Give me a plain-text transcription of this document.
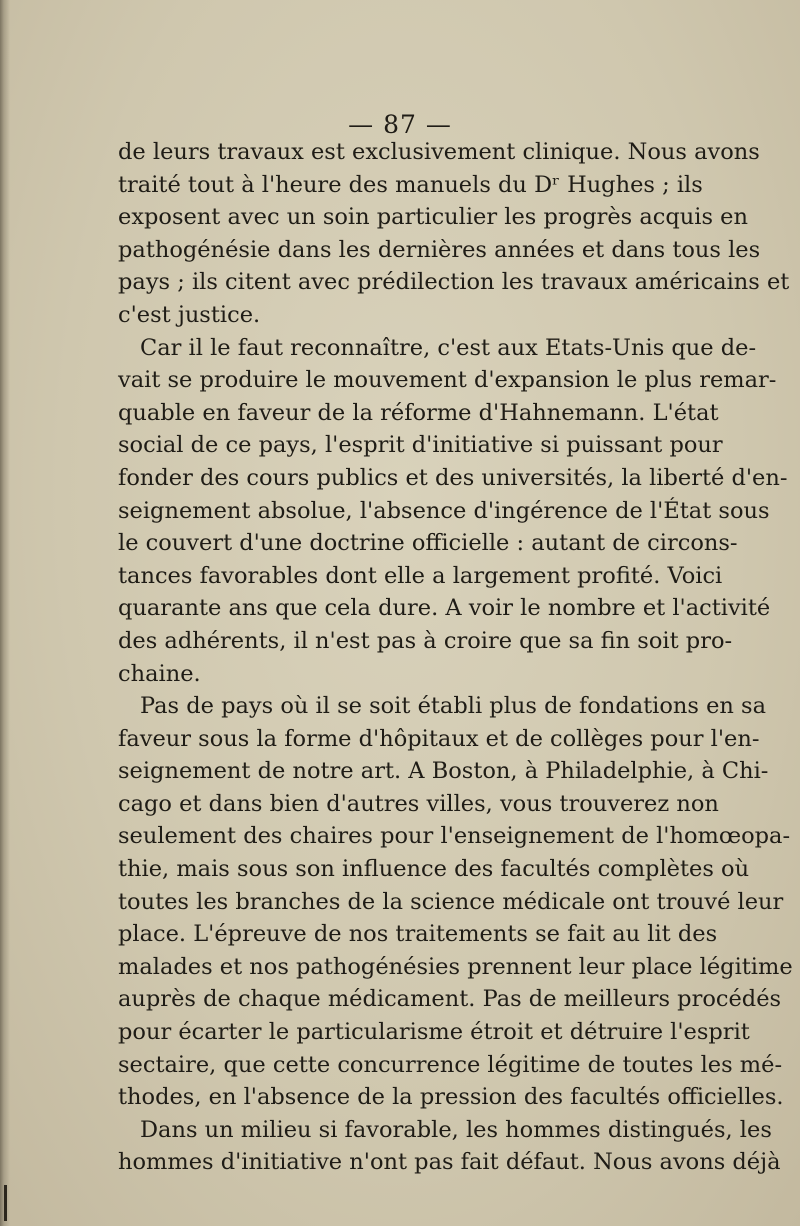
— 87 —
de leurs travaux est exclusivement clinique. Nous avons
traité tout à l'heure des manuels du Dʳ Hughes ; ils
exposent avec un soin particulier les progrès acquis en
pathogénésie dans les dernières années et dans tous les
pays ; ils citent avec prédilection les travaux américains et
c'est justice.
Car il le faut reconnaître, c'est aux Etats-Unis que de-
vait se produire le mouvement d'expansion le plus remar-
quable en faveur de la réforme d'Hahnemann. L'état
social de ce pays, l'esprit d'initiative si puissant pour
fonder des cours publics et des universités, la liberté d'en-
seignement absolue, l'absence d'ingérence de l'État sous
le couvert d'une doctrine officielle : autant de circons-
tances favorables dont elle a largement profité. Voici
quarante ans que cela dure. A voir le nombre et l'activité
des adhérents, il n'est pas à croire que sa fin soit pro-
chaine.
Pas de pays où il se soit établi plus de fondations en sa
faveur sous la forme d'hôpitaux et de collèges pour l'en-
seignement de notre art. A Boston, à Philadelphie, à Chi-
cago et dans bien d'autres villes, vous trouverez non
seulement des chaires pour l'enseignement de l'homœopa-
thie, mais sous son influence des facultés complètes où
toutes les branches de la science médicale ont trouvé leur
place. L'épreuve de nos traitements se fait au lit des
malades et nos pathogénésies prennent leur place légitime
auprès de chaque médicament. Pas de meilleurs procédés
pour écarter le particularisme étroit et détruire l'esprit
sectaire, que cette concurrence légitime de toutes les mé-
thodes, en l'absence de la pression des facultés officielles.
Dans un milieu si favorable, les hommes distingués, les
hommes d'initiative n'ont pas fait défaut. Nous avons déjà
